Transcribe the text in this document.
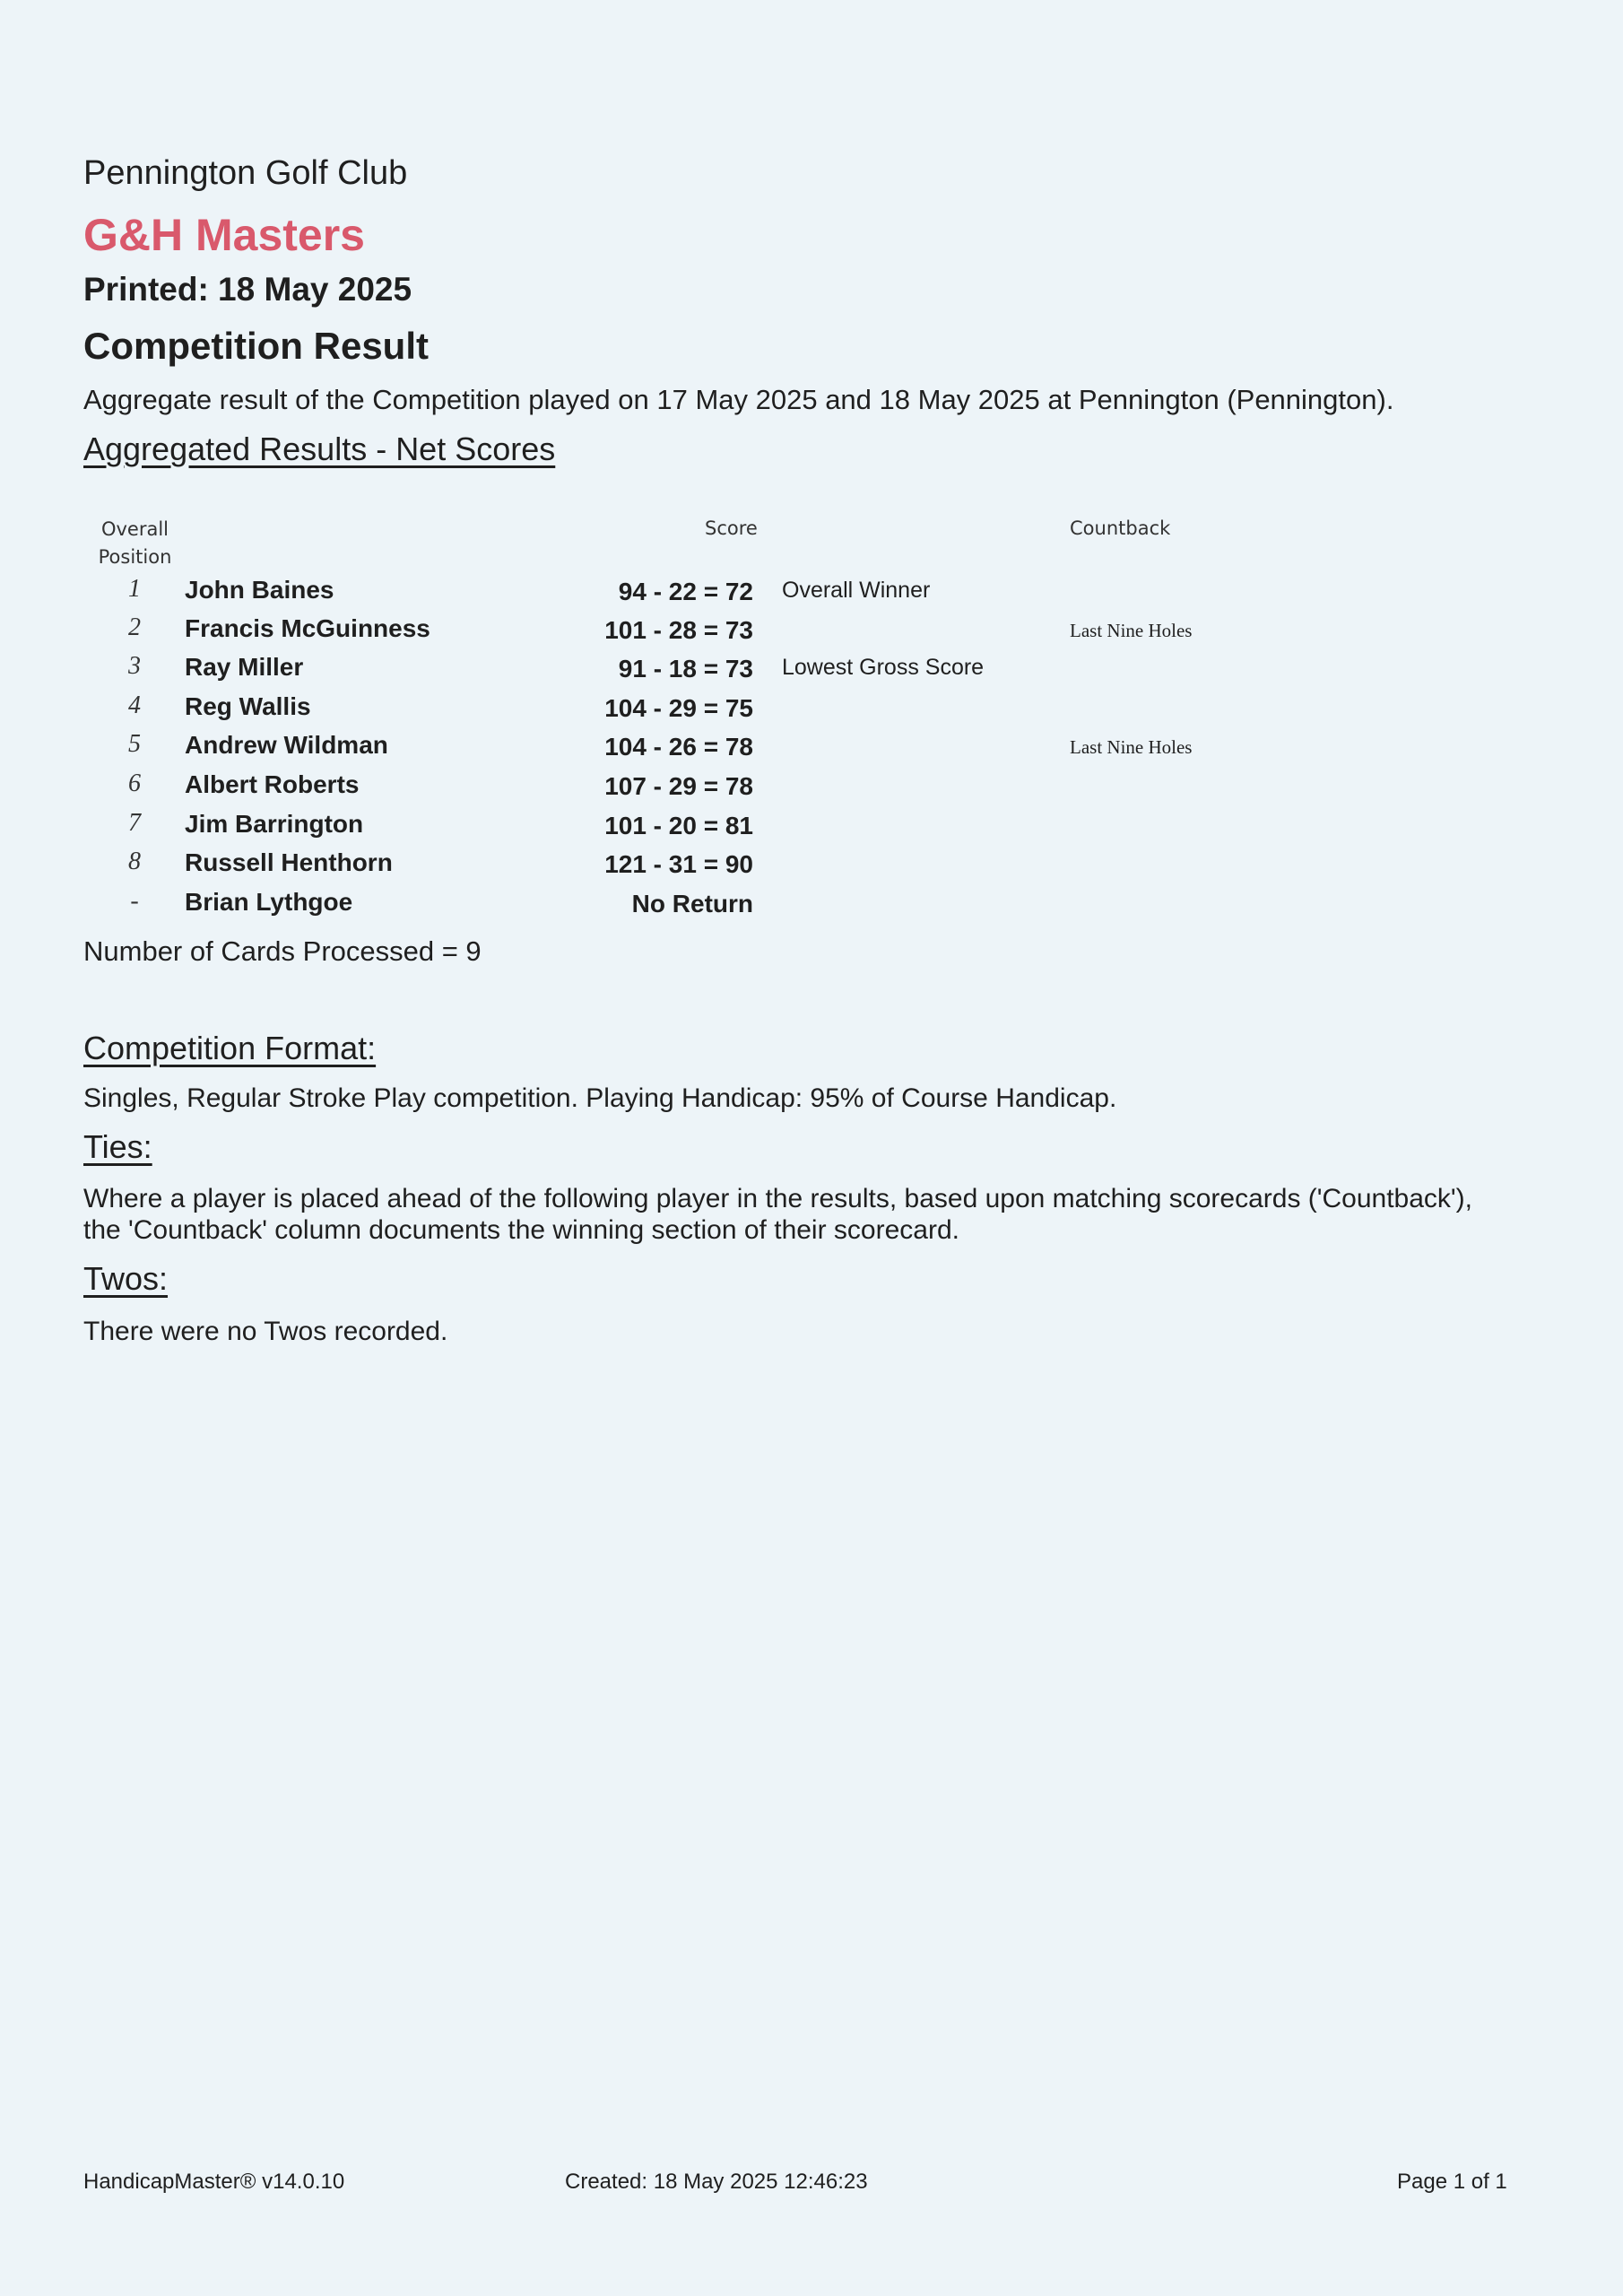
Pennington Golf Club
G&H Masters
Printed: 18 May 2025
Competition Result
Aggregate result of the Competition played on 17 May 2025 and 18 May 2025 at Pennington (Pennington).
Aggregated Results - Net Scores
Overall Position
Score	Countback
1	John Baines	94 - 22 = 72 Overall Winner
2	Francis McGuinness	101 - 28 = 73	Last Nine Holes
3	Ray Miller	91 - 18 = 73 Lowest Gross Score
4	Reg Wallis	104 - 29 = 75
5	Andrew Wildman	104 - 26 = 78	Last Nine Holes
6	Albert Roberts	107 - 29 = 78
7	Jim Barrington	101 - 20 = 81
8	Russell Henthorn	121 - 31 = 90
-	Brian Lythgoe	No Return
Number of Cards Processed = 9
Competition Format:
Singles, Regular Stroke Play competition. Playing Handicap: 95% of Course Handicap.
Ties:
Where a player is placed ahead of the following player in the results, based upon matching scorecards ('Countback'),
the 'Countback' column documents the winning section of their scorecard.
Twos:
There were no Twos recorded.
HandicapMaster® v14.0.10	Created: 18 May 2025 12:46:23	Page 1 of 1
